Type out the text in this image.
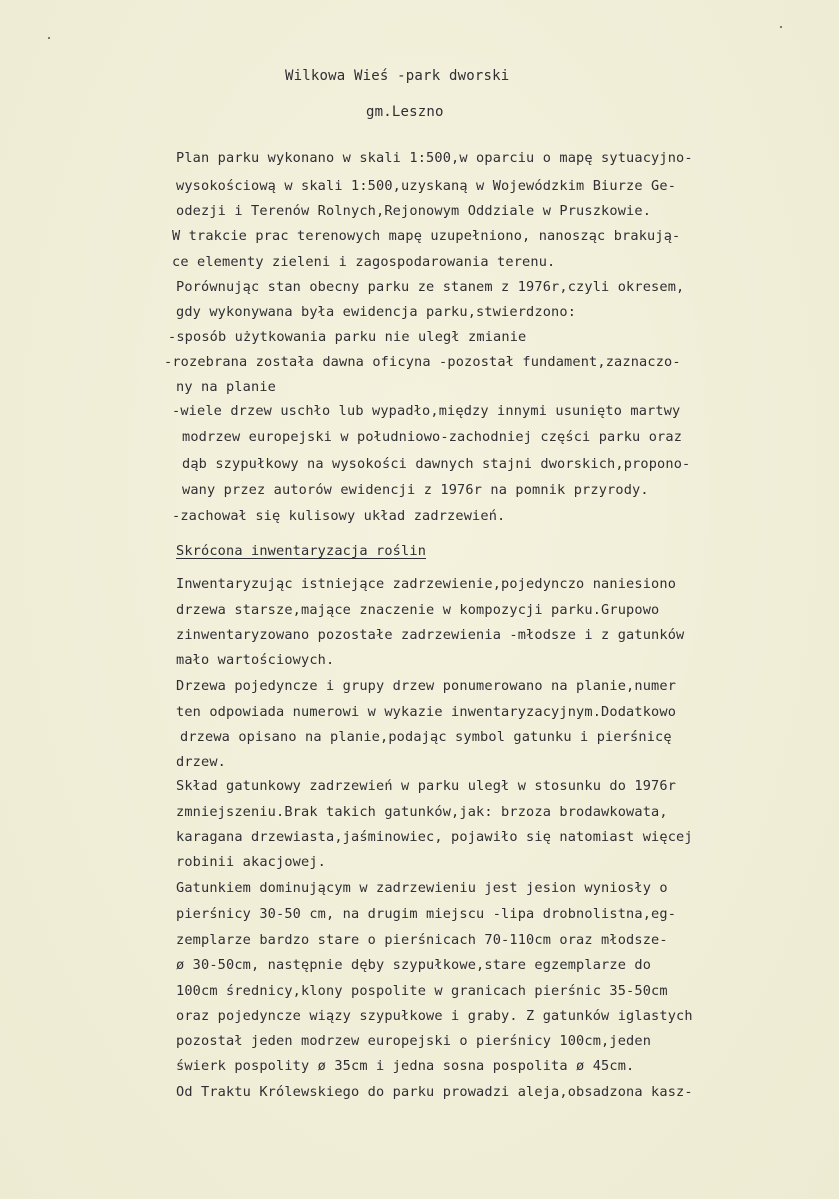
Wilkowa Wieś -park dworski
gm.Leszno
Plan parku wykonano w skali 1:500,w oparciu o mapę sytuacyjno-
wysokościową w skali 1:500,uzyskaną w Wojewódzkim Biurze Ge-
odezji i Terenów Rolnych,Rejonowym Oddziale w Pruszkowie.
W trakcie prac terenowych mapę uzupełniono, nanosząc brakują-
ce elementy zieleni i zagospodarowania terenu.
Porównując stan obecny parku ze stanem z 1976r,czyli okresem,
gdy wykonywana była ewidencja parku,stwierdzono:
-sposób użytkowania parku nie uległ zmianie
-rozebrana została dawna oficyna -pozostał fundament,zaznaczo-
ny na planie
-wiele drzew uschło lub wypadło,między innymi usunięto martwy
modrzew europejski w południowo-zachodniej części parku oraz
dąb szypułkowy na wysokości dawnych stajni dworskich,propono-
wany przez autorów ewidencji z 1976r na pomnik przyrody.
-zachował się kulisowy układ zadrzewień.
Skrócona inwentaryzacja roślin
Inwentaryzując istniejące zadrzewienie,pojedynczo naniesiono
drzewa starsze,mające znaczenie w kompozycji parku.Grupowo
zinwentaryzowano pozostałe zadrzewienia -młodsze i z gatunków
mało wartościowych.
Drzewa pojedyncze i grupy drzew ponumerowano na planie,numer
ten odpowiada numerowi w wykazie inwentaryzacyjnym.Dodatkowo
drzewa opisano na planie,podając symbol gatunku i pierśnicę
drzew.
Skład gatunkowy zadrzewień w parku uległ w stosunku do 1976r
zmniejszeniu.Brak takich gatunków,jak: brzoza brodawkowata,
karagana drzewiasta,jaśminowiec, pojawiło się natomiast więcej
robinii akacjowej.
Gatunkiem dominującym w zadrzewieniu jest jesion wyniosły o
pierśnicy 30-50 cm, na drugim miejscu -lipa drobnolistna,eg-
zemplarze bardzo stare o pierśnicach 70-110cm oraz młodsze-
ø 30-50cm, następnie dęby szypułkowe,stare egzemplarze do
100cm średnicy,klony pospolite w granicach pierśnic 35-50cm
oraz pojedyncze wiązy szypułkowe i graby. Z gatunków iglastych
pozostał jeden modrzew europejski o pierśnicy 100cm,jeden
świerk pospolity ø 35cm i jedna sosna pospolita ø 45cm.
Od Traktu Królewskiego do parku prowadzi aleja,obsadzona kasz-
